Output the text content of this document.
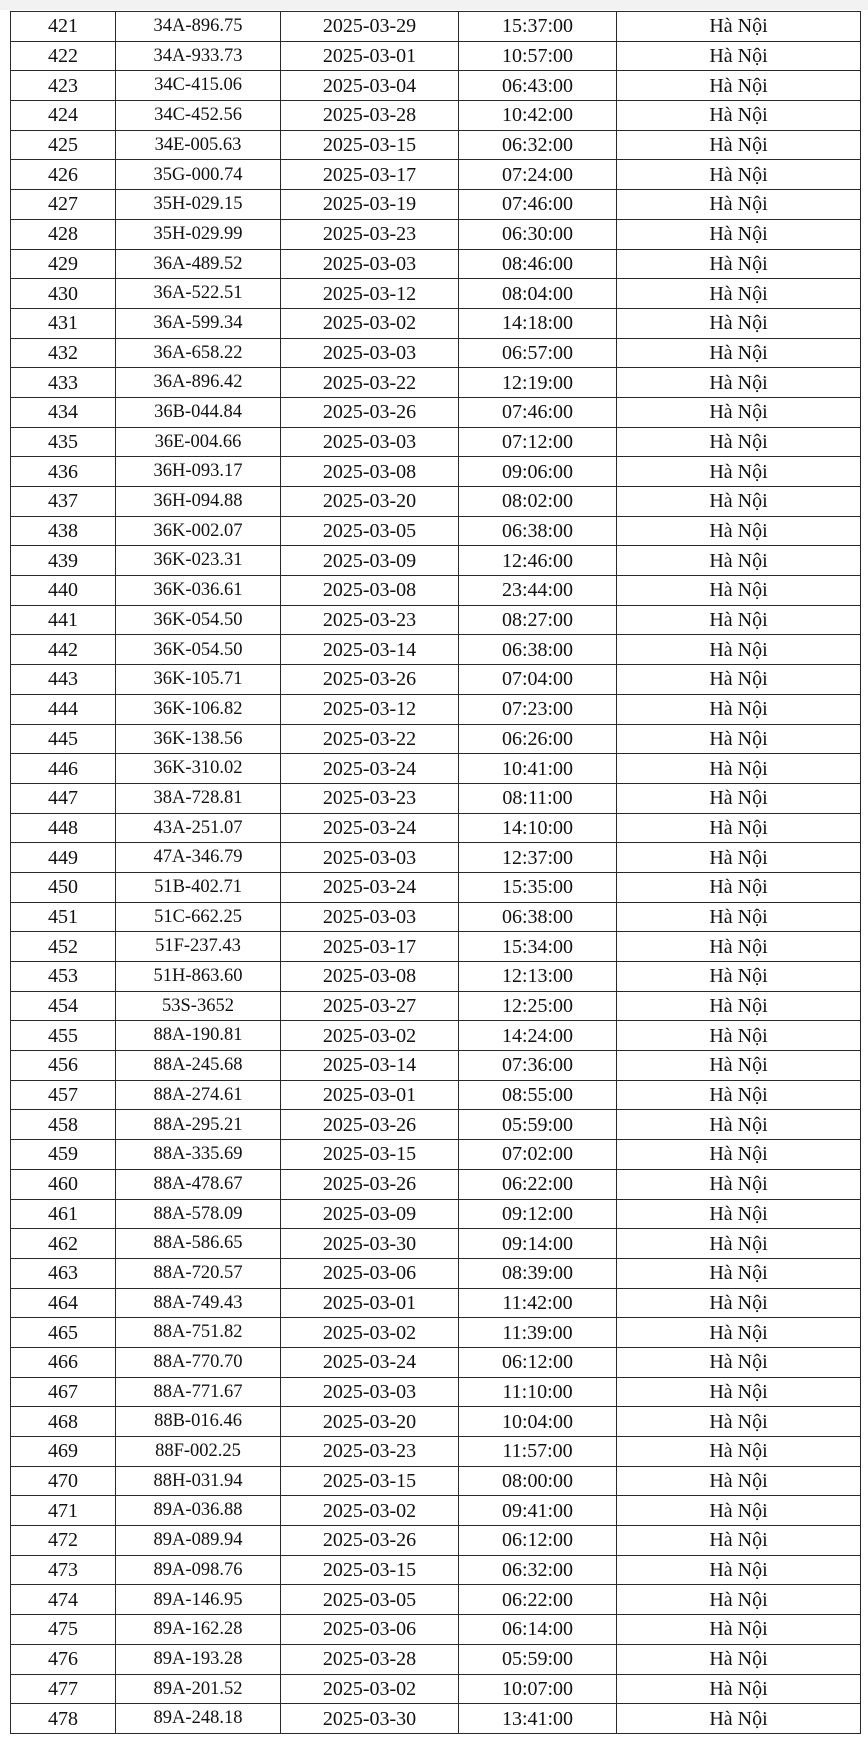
421	34A-896.75	2025-03-29	15:37:00	Hà Nội
422	34A-933.73	2025-03-01	10:57:00	Hà Nội
423	34C-415.06	2025-03-04	06:43:00	Hà Nội
424	34C-452.56	2025-03-28	10:42:00	Hà Nội
425	34E-005.63	2025-03-15	06:32:00	Hà Nội
426	35G-000.74	2025-03-17	07:24:00	Hà Nội
427	35H-029.15	2025-03-19	07:46:00	Hà Nội
428	35H-029.99	2025-03-23	06:30:00	Hà Nội
429	36A-489.52	2025-03-03	08:46:00	Hà Nội
430	36A-522.51	2025-03-12	08:04:00	Hà Nội
431	36A-599.34	2025-03-02	14:18:00	Hà Nội
432	36A-658.22	2025-03-03	06:57:00	Hà Nội
433	36A-896.42	2025-03-22	12:19:00	Hà Nội
434	36B-044.84	2025-03-26	07:46:00	Hà Nội
435	36E-004.66	2025-03-03	07:12:00	Hà Nội
436	36H-093.17	2025-03-08	09:06:00	Hà Nội
437	36H-094.88	2025-03-20	08:02:00	Hà Nội
438	36K-002.07	2025-03-05	06:38:00	Hà Nội
439	36K-023.31	2025-03-09	12:46:00	Hà Nội
440	36K-036.61	2025-03-08	23:44:00	Hà Nội
441	36K-054.50	2025-03-23	08:27:00	Hà Nội
442	36K-054.50	2025-03-14	06:38:00	Hà Nội
443	36K-105.71	2025-03-26	07:04:00	Hà Nội
444	36K-106.82	2025-03-12	07:23:00	Hà Nội
445	36K-138.56	2025-03-22	06:26:00	Hà Nội
446	36K-310.02	2025-03-24	10:41:00	Hà Nội
447	38A-728.81	2025-03-23	08:11:00	Hà Nội
448	43A-251.07	2025-03-24	14:10:00	Hà Nội
449	47A-346.79	2025-03-03	12:37:00	Hà Nội
450	51B-402.71	2025-03-24	15:35:00	Hà Nội
451	51C-662.25	2025-03-03	06:38:00	Hà Nội
452	51F-237.43	2025-03-17	15:34:00	Hà Nội
453	51H-863.60	2025-03-08	12:13:00	Hà Nội
454	53S-3652	2025-03-27	12:25:00	Hà Nội
455	88A-190.81	2025-03-02	14:24:00	Hà Nội
456	88A-245.68	2025-03-14	07:36:00	Hà Nội
457	88A-274.61	2025-03-01	08:55:00	Hà Nội
458	88A-295.21	2025-03-26	05:59:00	Hà Nội
459	88A-335.69	2025-03-15	07:02:00	Hà Nội
460	88A-478.67	2025-03-26	06:22:00	Hà Nội
461	88A-578.09	2025-03-09	09:12:00	Hà Nội
462	88A-586.65	2025-03-30	09:14:00	Hà Nội
463	88A-720.57	2025-03-06	08:39:00	Hà Nội
464	88A-749.43	2025-03-01	11:42:00	Hà Nội
465	88A-751.82	2025-03-02	11:39:00	Hà Nội
466	88A-770.70	2025-03-24	06:12:00	Hà Nội
467	88A-771.67	2025-03-03	11:10:00	Hà Nội
468	88B-016.46	2025-03-20	10:04:00	Hà Nội
469	88F-002.25	2025-03-23	11:57:00	Hà Nội
470	88H-031.94	2025-03-15	08:00:00	Hà Nội
471	89A-036.88	2025-03-02	09:41:00	Hà Nội
472	89A-089.94	2025-03-26	06:12:00	Hà Nội
473	89A-098.76	2025-03-15	06:32:00	Hà Nội
474	89A-146.95	2025-03-05	06:22:00	Hà Nội
475	89A-162.28	2025-03-06	06:14:00	Hà Nội
476	89A-193.28	2025-03-28	05:59:00	Hà Nội
477	89A-201.52	2025-03-02	10:07:00	Hà Nội
478	89A-248.18	2025-03-30	13:41:00	Hà Nội
